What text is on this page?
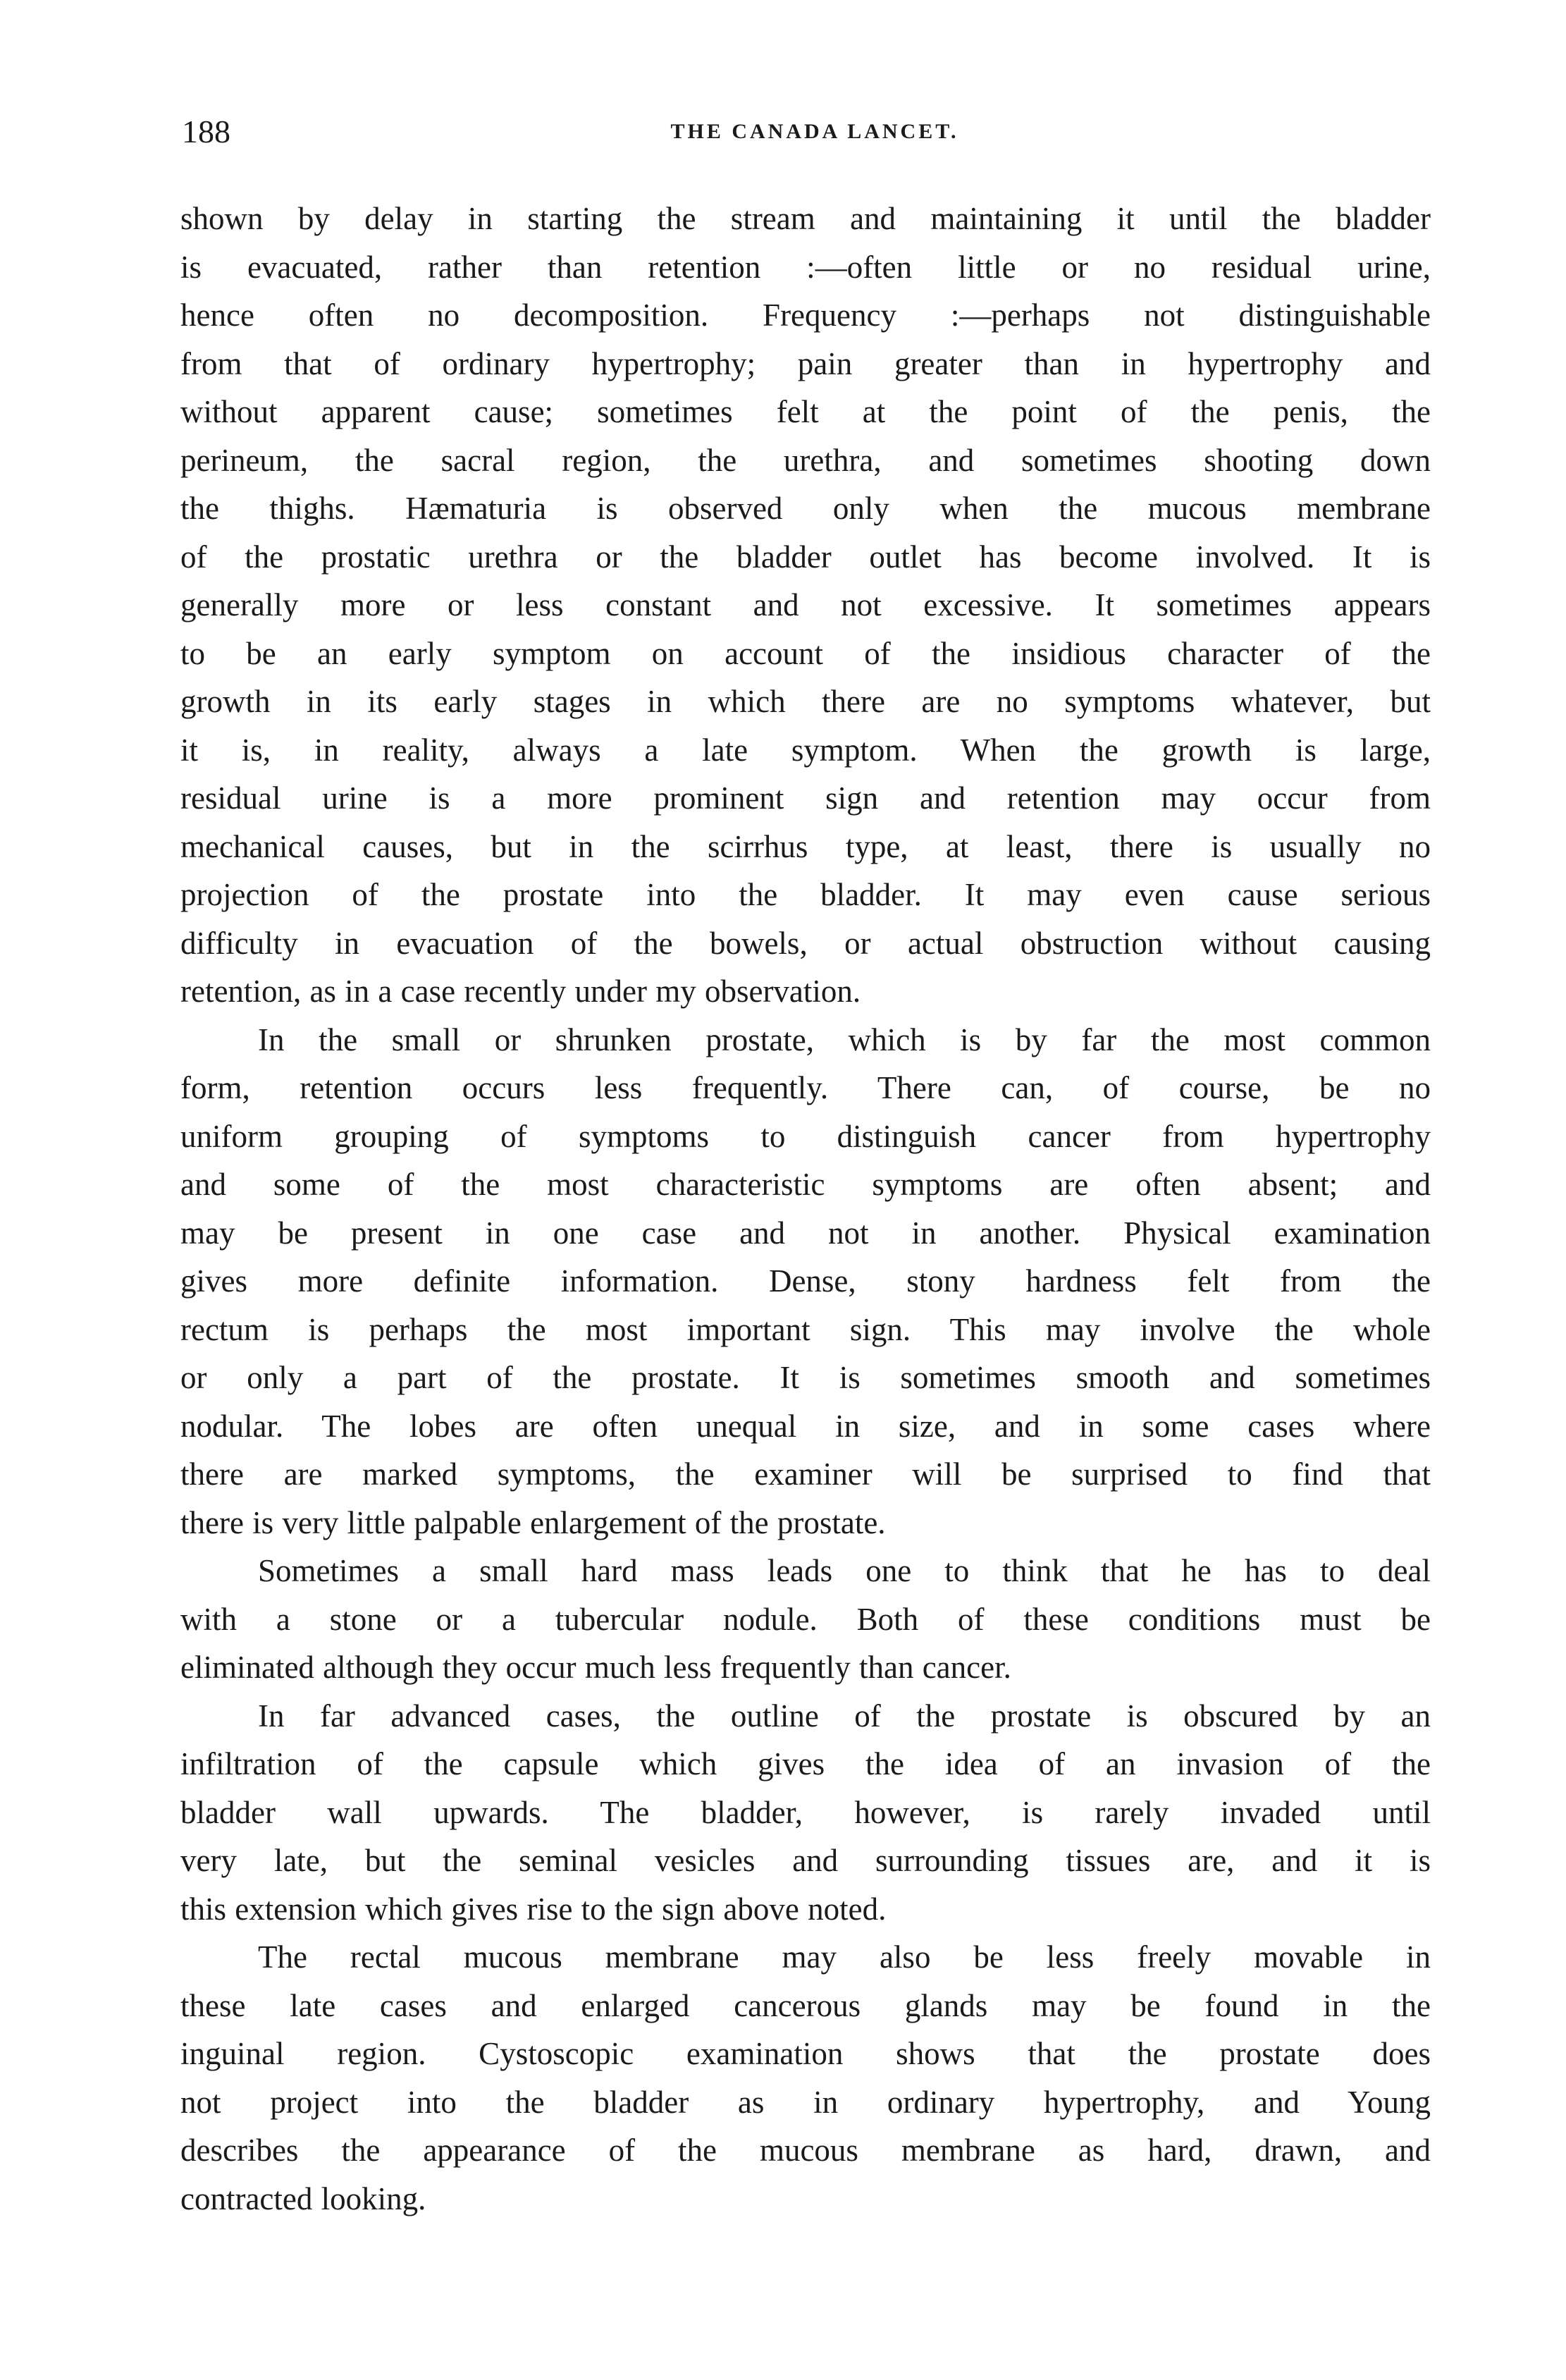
188	THE CANADA LANCET.
shown by delay in starting the stream and maintaining it until the bladder
is evacuated, rather than retention :—often little or no residual urine,
hence often no decomposition. Frequency :—perhaps not distinguishable
from that of ordinary hypertrophy; pain greater than in hypertrophy and
without apparent cause; sometimes felt at the point of the penis, the
perineum, the sacral region, the urethra, and sometimes shooting down
the thighs. Hæmaturia is observed only when the mucous membrane
of the prostatic urethra or the bladder outlet has become involved. It is
generally more or less constant and not excessive. It sometimes appears
to be an early symptom on account of the insidious character of the
growth in its early stages in which there are no symptoms whatever, but
it is, in reality, always a late symptom. When the growth is large,
residual urine is a more prominent sign and retention may occur from
mechanical causes, but in the scirrhus type, at least, there is usually no
projection of the prostate into the bladder. It may even cause serious
difficulty in evacuation of the bowels, or actual obstruction without causing
retention, as in a case recently under my observation.
In the small or shrunken prostate, which is by far the most common
form, retention occurs less frequently. There can, of course, be no
uniform grouping of symptoms to distinguish cancer from hypertrophy
and some of the most characteristic symptoms are often absent; and
may be present in one case and not in another. Physical examination
gives more definite information. Dense, stony hardness felt from the
rectum is perhaps the most important sign. This may involve the whole
or only a part of the prostate. It is sometimes smooth and sometimes
nodular. The lobes are often unequal in size, and in some cases where
there are marked symptoms, the examiner will be surprised to find that
there is very little palpable enlargement of the prostate.
Sometimes a small hard mass leads one to think that he has to deal
with a stone or a tubercular nodule. Both of these conditions must be
eliminated although they occur much less frequently than cancer.
In far advanced cases, the outline of the prostate is obscured by an
infiltration of the capsule which gives the idea of an invasion of the
bladder wall upwards. The bladder, however, is rarely invaded until
very late, but the seminal vesicles and surrounding tissues are, and it is
this extension which gives rise to the sign above noted.
The rectal mucous membrane may also be less freely movable in
these late cases and enlarged cancerous glands may be found in the
inguinal region. Cystoscopic examination shows that the prostate does
not project into the bladder as in ordinary hypertrophy, and Young
describes the appearance of the mucous membrane as hard, drawn, and
contracted looking.
